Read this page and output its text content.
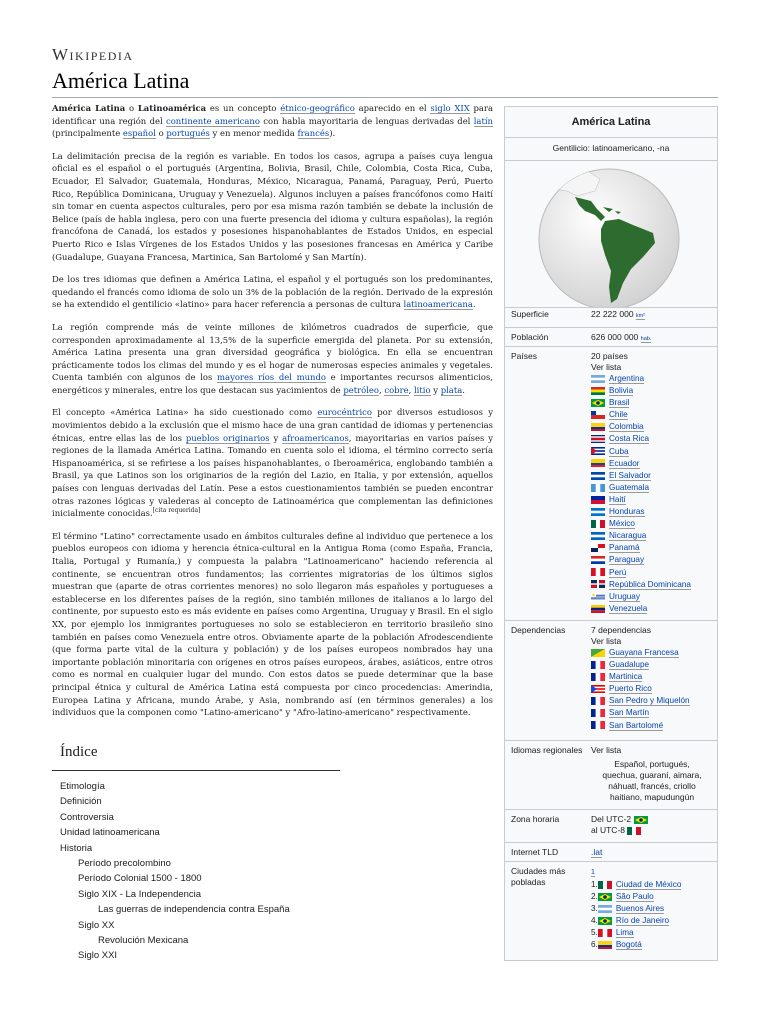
Wikipedia
América Latina

América Latina o Latinoamérica es un concepto étnico-geográfico aparecido en el siglo XIX para identificar una región del continente americano con habla mayoritaria de lenguas derivadas del latín (principalmente español o portugués y en menor medida francés).

La delimitación precisa de la región es variable. En todos los casos, agrupa a países cuya lengua oficial es el español o el portugués (Argentina, Bolivia, Brasil, Chile, Colombia, Costa Rica, Cuba, Ecuador, El Salvador, Guatemala, Honduras, México, Nicaragua, Panamá, Paraguay, Perú, Puerto Rico, República Dominicana, Uruguay y Venezuela). Algunos incluyen a países francófonos como Haití sin tomar en cuenta aspectos culturales, pero por esa misma razón también se debate la inclusión de Belice (país de habla inglesa, pero con una fuerte presencia del idioma y cultura españolas), la región francófona de Canadá, los estados y posesiones hispanohablantes de Estados Unidos, en especial Puerto Rico e Islas Vírgenes de los Estados Unidos y las posesiones francesas en América y Caribe (Guadalupe, Guayana Francesa, Martinica, San Bartolomé y San Martín).

De los tres idiomas que definen a América Latina, el español y el portugués son los predominantes, quedando el francés como idioma de solo un 3% de la población de la región. Derivado de la expresión se ha extendido el gentilicio «latino» para hacer referencia a personas de cultura latinoamericana.

La región comprende más de veinte millones de kilómetros cuadrados de superficie, que corresponden aproximadamente al 13,5% de la superficie emergida del planeta. Por su extensión, América Latina presenta una gran diversidad geográfica y biológica. En ella se encuentran prácticamente todos los climas del mundo y es el hogar de numerosas especies animales y vegetales. Cuenta también con algunos de los mayores ríos del mundo e importantes recursos alimenticios, energéticos y minerales, entre los que destacan sus yacimientos de petróleo, cobre, litio y plata.

El concepto «América Latina» ha sido cuestionado como eurocéntrico por diversos estudiosos y movimientos debido a la exclusión que el mismo hace de una gran cantidad de idiomas y pertenencias étnicas, entre ellas las de los pueblos originarios y afroamericanos, mayoritarias en varios países y regiones de la llamada América Latina. Tomando en cuenta solo el idioma, el término correcto sería Hispanoamérica, si se refiriese a los países hispanohablantes, o Iberoamérica, englobando también a Brasil, ya que Latinos son los originarios de la región del Lazio, en Italia, y por extensión, aquellos países con lenguas derivadas del Latín. Pese a estos cuestionamientos también se pueden encontrar otras razones lógicas y valederas al concepto de Latinoamérica que complementan las definiciones inicialmente conocidas.[cita requerida]

El término "Latino" correctamente usado en ámbitos culturales define al individuo que pertenece a los pueblos europeos con idioma y herencia étnica-cultural en la Antigua Roma (como España, Francia, Italia, Portugal y Rumanía,) y compuesta la palabra "Latinoamericano" haciendo referencia al continente, se encuentran otros fundamentos; las corrientes migratorias de los últimos siglos muestran que (aparte de otras corrientes menores) no solo llegaron más españoles y portugueses a establecerse en los diferentes países de la región, sino también millones de italianos a lo largo del continente, por supuesto esto es más evidente en países como Argentina, Uruguay y Brasil. En el siglo XX, por ejemplo los inmigrantes portugueses no solo se establecieron en territorio brasileño sino también en países como Venezuela entre otros. Obviamente aparte de la población Afrodescendiente (que forma parte vital de la cultura y población) y de los países europeos nombrados hay una importante población minoritaria con orígenes en otros países europeos, árabes, asiáticos, entre otros como es normal en cualquier lugar del mundo. Con estos datos se puede determinar que la base principal étnica y cultural de América Latina está compuesta por cinco procedencias: Amerindia, Europea Latina y Africana, mundo Árabe, y Asia, nombrando así (en términos generales) a los individuos que la componen como "Latino-americano" y "Afro-latino-americano" respectivamente.

Índice
Etimología
Definición
Controversia
Unidad latinoamericana
Historia
Período precolombino
Período Colonial 1500 - 1800
Siglo XIX - La Independencia
Las guerras de independencia contra España
Siglo XX
Revolución Mexicana
Siglo XXI
América Latina
Gentilicio: latinoamericano, -na
Superficie	22 222 000 km²
Población	626 000 000 hab.
Países	20 países
Ver lista
Argentina
Bolivia
Brasil
Chile
Colombia
Costa Rica
Cuba
Ecuador
El Salvador
Guatemala
Haití
Honduras
México
Nicaragua
Panamá
Paraguay
Perú
República Dominicana
Uruguay
Venezuela
Dependencias	7 dependencias
Ver lista
Guayana Francesa
Guadalupe
Martinica
Puerto Rico
San Pedro y Miquelón
San Martín
San Bartolomé
Idiomas regionales	Ver lista
Español, portugués,
quechua, guaraní, aimara,
náhuatl, francés, criollo
haitiano, mapudungún
Zona horaria	Del UTC-2
al UTC-8
Internet TLD	.lat
Ciudades más pobladas
1
1. Ciudad de México
2. São Paulo
3. Buenos Aires
4. Río de Janeiro
5. Lima
6. Bogotá
